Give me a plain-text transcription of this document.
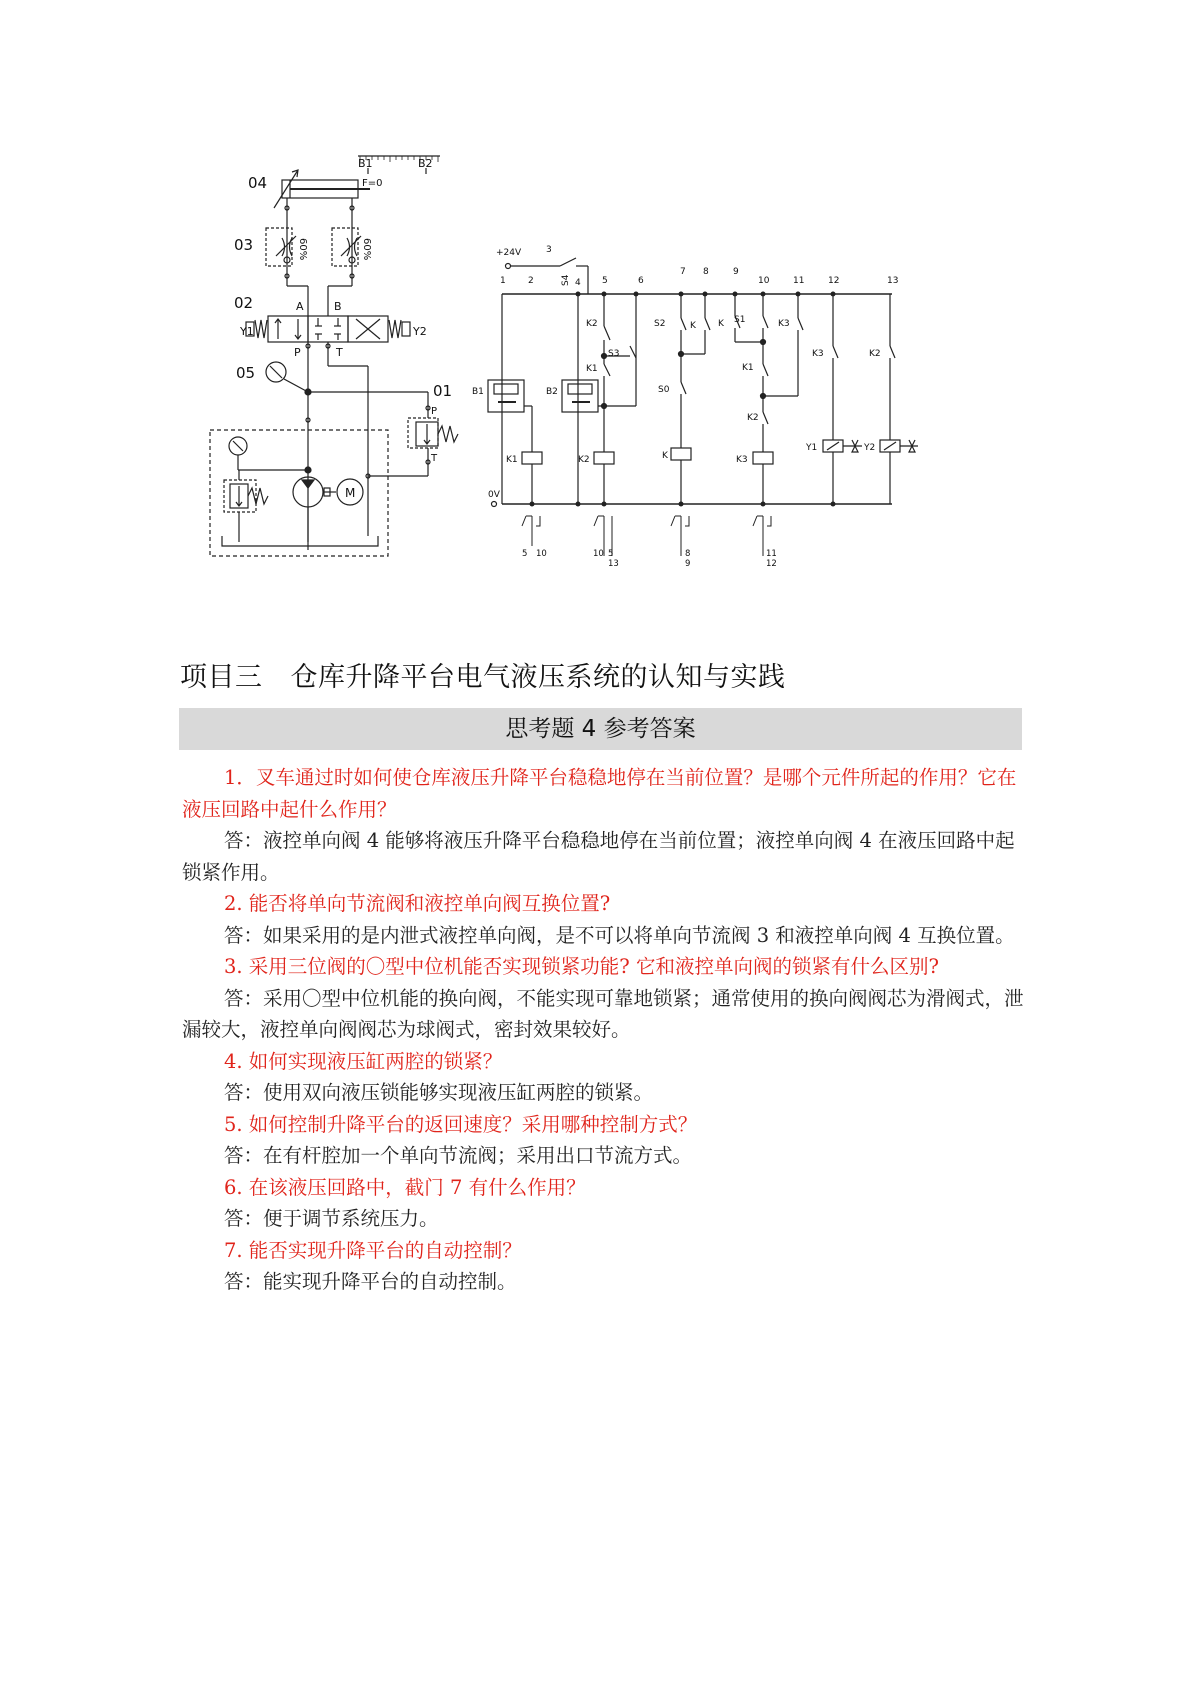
B1	B2
F=0
04
60%	60%
03
Y1	Y2
A	B
P	T
02
05
P
T
01
M
+24V	3
S4
1 2	4 5	6
7 8	9
10	11	12	13
0V
B1
K1
B2
K2
K1
S3
K2
S2	K
S0
K
S1
K	K3
K1
K2
K3
K3
Y1
K2
Y2
5 10	10 5
13
8
9
11
12
项目三 仓库升降平台电气液压系统的认知与实践
思考题 4 参考答案

1．叉车通过时如何使仓库液压升降平台稳稳地停在当前位置？是哪个元件所起的作用？它在液压回路中起什么作用？

答：液控单向阀 4 能够将液压升降平台稳稳地停在当前位置；液控单向阀 4 在液压回路中起锁紧作用。

2. 能否将单向节流阀和液控单向阀互换位置?

答：如果采用的是内泄式液控单向阀，是不可以将单向节流阀 3 和液控单向阀 4 互换位置。

3. 采用三位阀的〇型中位机能否实现锁紧功能? 它和液控单向阀的锁紧有什么区别?

答：采用〇型中位机能的换向阀，不能实现可靠地锁紧；通常使用的换向阀阀芯为滑阀式，泄漏较大，液控单向阀阀芯为球阀式，密封效果较好。

4. 如何实现液压缸两腔的锁紧？

答：使用双向液压锁能够实现液压缸两腔的锁紧。

5. 如何控制升降平台的返回速度？采用哪种控制方式？

答：在有杆腔加一个单向节流阀；采用出口节流方式。

6. 在该液压回路中，截门 7 有什么作用？

答：便于调节系统压力。

7. 能否实现升降平台的自动控制？

答：能实现升降平台的自动控制。
